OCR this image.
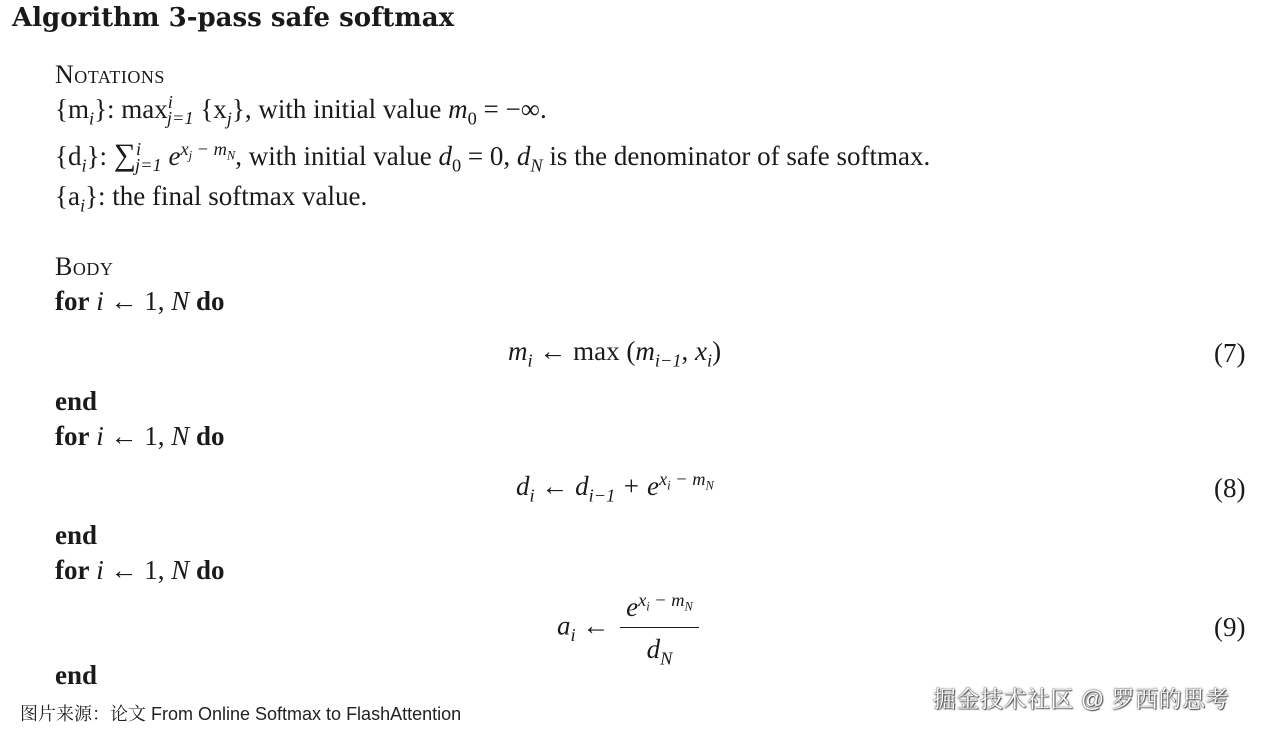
Algorithm 3-pass safe softmax
Notations
$\{m_i\}$: $\max^i_{j=1} \{x_j\}$, with initial value $m_0$ = −∞.
$\{d_i\}$: ∑$^i_{j=1}$ $e^{x_j - m_N}$, with initial value $d_0 = 0$, $d_N$ is the denominator of safe softmax.
$\{a_i\}$: the final softmax value.
Body
for i ← 1, N do
$m_i$ ← $\max (m_{i-1}$, $x_i$)	(7)
end
for i ← 1, N do
$d_i$ ← $d_{i-1} + e^{x_i - m_N}$	(8)
end
for i ← 1, N do
$a_i$ ← $\frac{e^{x_i - m_N}}{d_N}$	(9)
end
图片来源：论文 From Online Softmax to FlashAttention
掘金技术社区 @ 罗西的思考
